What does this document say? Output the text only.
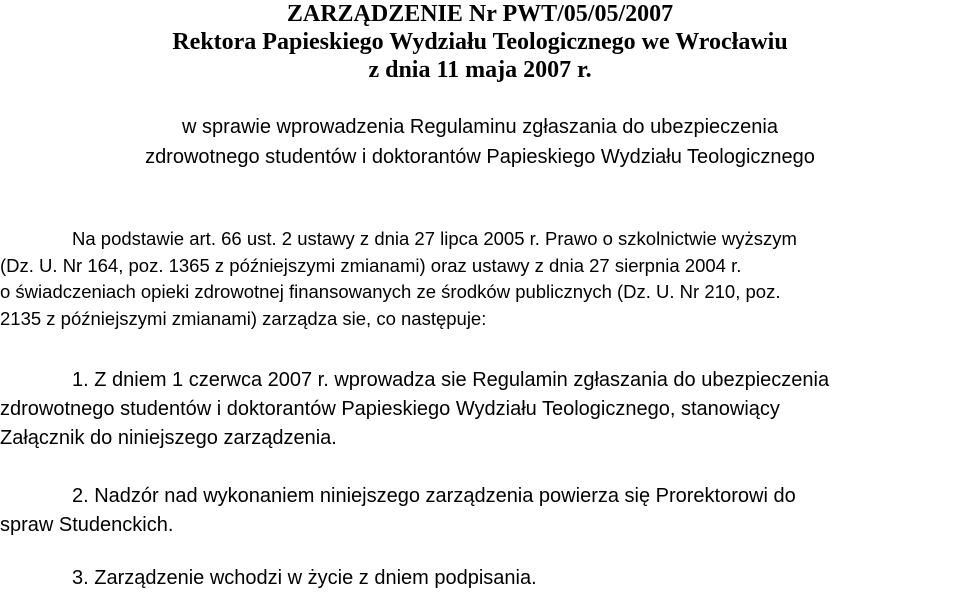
ZARZĄDZENIE Nr PWT/05/05/2007
Rektora Papieskiego Wydziału Teologicznego we Wrocławiu
z dnia 11 maja 2007 r.
w sprawie wprowadzenia Regulaminu zgłaszania do ubezpieczenia
zdrowotnego studentów i doktorantów Papieskiego Wydziału Teologicznego
Na podstawie art. 66 ust. 2 ustawy z dnia 27 lipca 2005 r. Prawo o szkolnictwie wyższym
(Dz. U. Nr 164, poz. 1365 z późniejszymi zmianami) oraz ustawy z dnia 27 sierpnia 2004 r.
o świadczeniach opieki zdrowotnej finansowanych ze środków publicznych (Dz. U. Nr 210, poz.
2135 z późniejszymi zmianami) zarządza sie, co następuje:
1. Z dniem 1 czerwca 2007 r. wprowadza sie Regulamin zgłaszania do ubezpieczenia
zdrowotnego studentów i doktorantów Papieskiego Wydziału Teologicznego, stanowiący
Załącznik do niniejszego zarządzenia.
2. Nadzór nad wykonaniem niniejszego zarządzenia powierza się Prorektorowi do
spraw Studenckich.
3. Zarządzenie wchodzi w życie z dniem podpisania.
